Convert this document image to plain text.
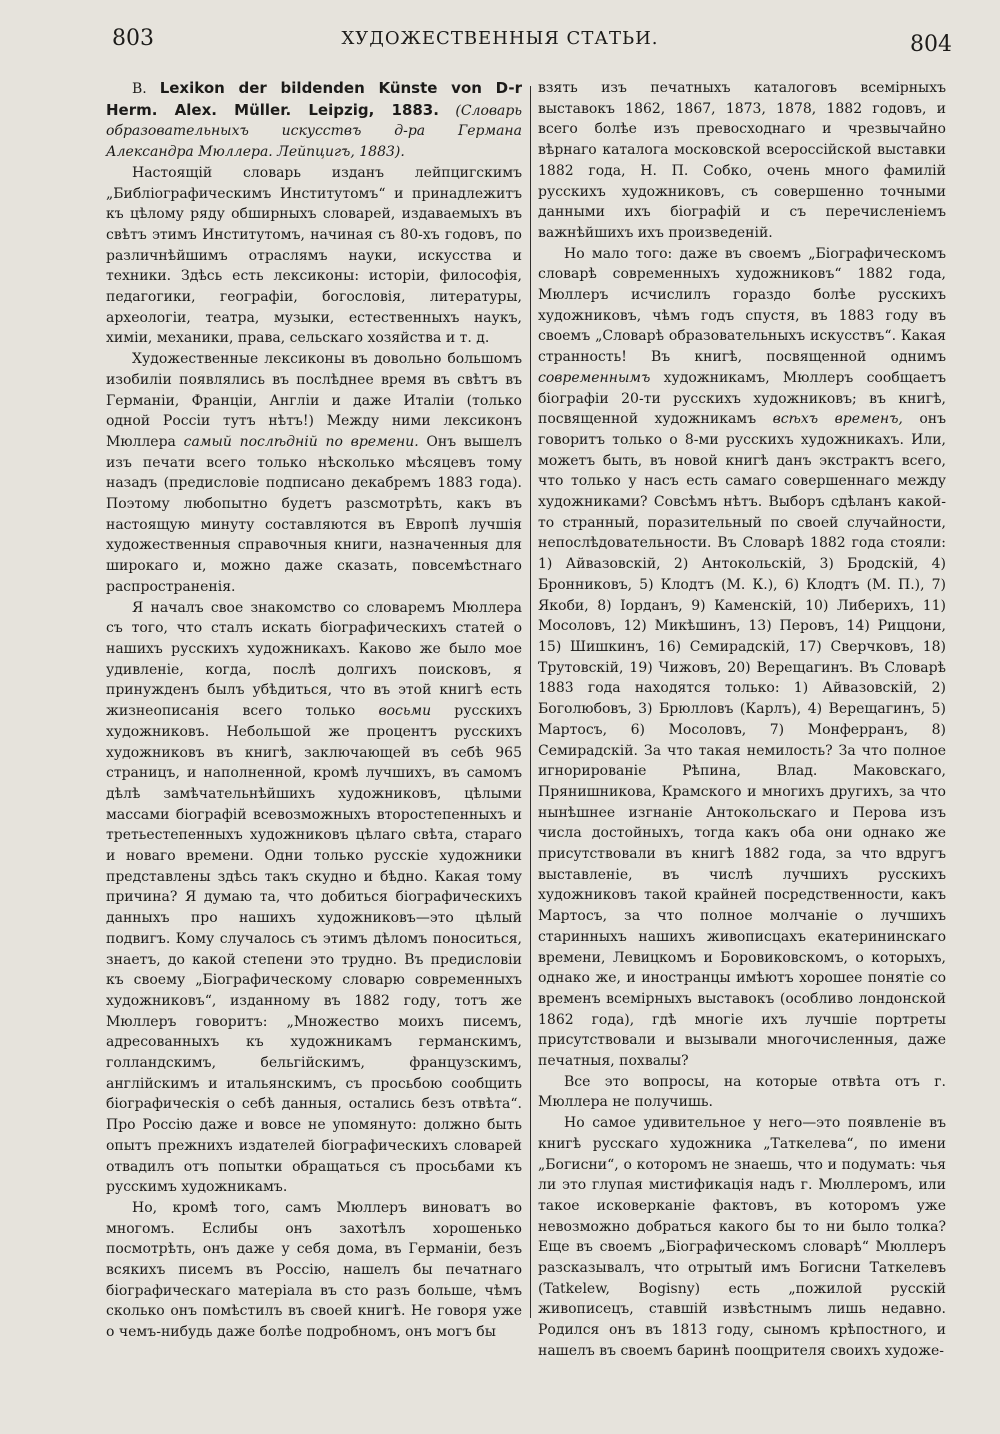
803	ХУДОЖЕСТВЕННЫЯ СТАТЬИ.	804

В. Lexikon der bildenden Künste von D-r Herm. Alex. Müller. Leipzig, 1883. (Словарь образовательныхъ искусствъ д-ра Германа Александра Мюллера. Лейпцигъ, 1883).

Настоящій словарь изданъ лейпцигскимъ „Библіографическимъ Институтомъ“ и принадлежитъ къ цѣлому ряду обширныхъ словарей, издаваемыхъ въ свѣтъ этимъ Институтомъ, начиная съ 80-хъ годовъ, по различнѣйшимъ отраслямъ науки, искусства и техники. Здѣсь есть лексиконы: исторіи, философія, педагогики, географіи, богословія, литературы, археологіи, театра, музыки, естественныхъ наукъ, химіи, механики, права, сельскаго хозяйства и т. д.

Художественные лексиконы въ довольно большомъ изобиліи появлялись въ послѣднее время въ свѣтъ въ Германіи, Франціи, Англіи и даже Италіи (только одной Россіи тутъ нѣтъ!) Между ними лексиконъ Мюллера самый послѣдній по времени. Онъ вышелъ изъ печати всего только нѣсколько мѣсяцевъ тому назадъ (предисловіе подписано декабремъ 1883 года). Поэтому любопытно будетъ разсмотрѣть, какъ въ настоящую минуту составляются въ Европѣ лучшія художественныя справочныя книги, назначенныя для широкаго и, можно даже сказать, повсемѣстнаго распространенія.

Я началъ свое знакомство со словаремъ Мюллера съ того, что сталъ искать біографическихъ статей о нашихъ русскихъ художникахъ. Каково же было мое удивленіе, когда, послѣ долгихъ поисковъ, я принужденъ былъ убѣдиться, что въ этой книгѣ есть жизнеописанія всего только восьми русскихъ художниковъ. Небольшой же процентъ русскихъ художниковъ въ книгѣ, заключающей въ себѣ 965 страницъ, и наполненной, кромѣ лучшихъ, въ самомъ дѣлѣ замѣчательнѣйшихъ художниковъ, цѣлыми массами біографій всевозможныхъ второстепенныхъ и третьестепенныхъ художниковъ цѣлаго свѣта, стараго и новаго времени. Одни только русскіе художники представлены здѣсь такъ скудно и бѣдно. Какая тому причина? Я думаю та, что добиться біографическихъ данныхъ про нашихъ художниковъ—это цѣлый подвигъ. Кому случалось съ этимъ дѣломъ поноситься, знаетъ, до какой степени это трудно. Въ предисловіи къ своему „Біографическому словарю современныхъ художниковъ“, изданному въ 1882 году, тотъ же Мюллеръ говоритъ: „Множество моихъ писемъ, адресованныхъ къ художникамъ германскимъ, голландскимъ, бельгійскимъ, французскимъ, англійскимъ и итальянскимъ, съ просьбою сообщить біографическія о себѣ данныя, остались безъ отвѣта“. Про Россію даже и вовсе не упомянуто: должно быть опытъ прежнихъ издателей біографическихъ словарей отвадилъ отъ попытки обращаться съ просьбами къ русскимъ художникамъ.

Но, кромѣ того, самъ Мюллеръ виноватъ во многомъ. Еслибы онъ захотѣлъ хорошенько посмотрѣть, онъ даже у себя дома, въ Германіи, безъ всякихъ писемъ въ Россію, нашелъ бы печатнаго біографическаго матеріала въ сто разъ больше, чѣмъ сколько онъ помѣстилъ въ своей книгѣ. Не говоря уже о чемъ-нибудь даже болѣе подробномъ, онъ могъ бы

взять изъ печатныхъ каталоговъ всемірныхъ выставокъ 1862, 1867, 1873, 1878, 1882 годовъ, и всего болѣе изъ превосходнаго и чрезвычайно вѣрнаго каталога московской всероссійской выставки 1882 года, Н. П. Собко, очень много фамилій русскихъ художниковъ, съ совершенно точными данными ихъ біографій и съ перечисленіемъ важнѣйшихъ ихъ произведеній.

Но мало того: даже въ своемъ „Біографическомъ словарѣ современныхъ художниковъ“ 1882 года, Мюллеръ исчислилъ гораздо болѣе русскихъ художниковъ, чѣмъ годъ спустя, въ 1883 году въ своемъ „Словарѣ образовательныхъ искусствъ“. Какая странность! Въ книгѣ, посвященной однимъ современнымъ художникамъ, Мюллеръ сообщаетъ біографіи 20-ти русскихъ художниковъ; въ книгѣ, посвященной художникамъ всѣхъ временъ, онъ говоритъ только о 8-ми русскихъ художникахъ. Или, можетъ быть, въ новой книгѣ данъ экстрактъ всего, что только у насъ есть самаго совершеннаго между художниками? Совсѣмъ нѣтъ. Выборъ сдѣланъ какой-то странный, поразительный по своей случайности, непослѣдовательности. Въ Словарѣ 1882 года стояли: 1) Айвазовскій, 2) Антокольскій, 3) Бродскій, 4) Бронниковъ, 5) Клодтъ (М. К.), 6) Клодтъ (М. П.), 7) Якоби, 8) Іорданъ, 9) Каменскій, 10) Либерихъ, 11) Мосоловъ, 12) Микѣшинъ, 13) Перовъ, 14) Риццони, 15) Шишкинъ, 16) Семирадскій, 17) Сверчковъ, 18) Трутовскій, 19) Чижовъ, 20) Верещагинъ. Въ Словарѣ 1883 года находятся только: 1) Айвазовскій, 2) Боголюбовъ, 3) Брюлловъ (Карлъ), 4) Верещагинъ, 5) Мартосъ, 6) Мосоловъ, 7) Монферранъ, 8) Семирадскій. За что такая немилость? За что полное игнорированіе Рѣпина, Влад. Маковскаго, Прянишникова, Крамского и многихъ другихъ, за что нынѣшнее изгнаніе Антокольскаго и Перова изъ числа достойныхъ, тогда какъ оба они однако же присутствовали въ книгѣ 1882 года, за что вдругъ выставленіе, въ числѣ лучшихъ русскихъ художниковъ такой крайней посредственности, какъ Мартосъ, за что полное молчаніе о лучшихъ старинныхъ нашихъ живописцахъ екатерининскаго времени, Левицкомъ и Боровиковскомъ, о которыхъ, однако же, и иностранцы имѣютъ хорошее понятіе со временъ всемірныхъ выставокъ (особливо лондонской 1862 года), гдѣ многіе ихъ лучшіе портреты присутствовали и вызывали многочисленныя, даже печатныя, похвалы?

Все это вопросы, на которые отвѣта отъ г. Мюллера не получишь.

Но самое удивительное у него—это появленіе въ книгѣ русскаго художника „Таткелева“, по имени „Богисни“, о которомъ не знаешь, что и подумать: чья ли это глупая мистификація надъ г. Мюллеромъ, или такое исковерканіе фактовъ, въ которомъ уже невозможно добраться какого бы то ни было толка? Еще въ своемъ „Біографическомъ словарѣ“ Мюллеръ разсказывалъ, что отрытый имъ Богисни Таткелевъ (Tatkelew, Bogisny) есть „пожилой русскій живописецъ, ставшій извѣстнымъ лишь недавно. Родился онъ въ 1813 году, сыномъ крѣпостного, и нашелъ въ своемъ баринѣ поощрителя своихъ художе-
